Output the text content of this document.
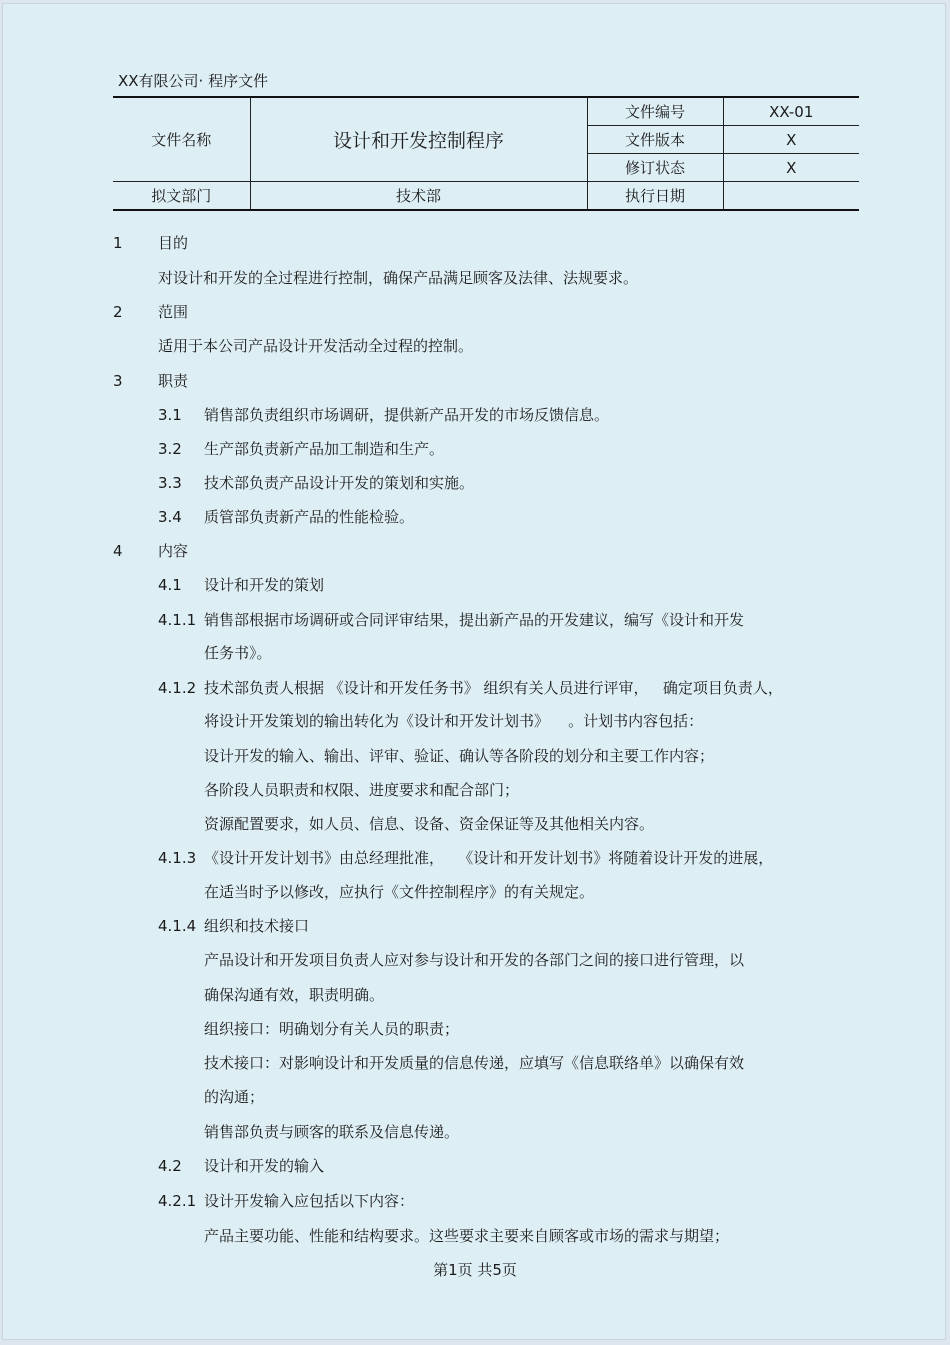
XX有限公司· 程序文件
文件名称	设计和开发控制程序	文件编号	XX-01
		文件版本	X
		修订状态	X
拟文部门	技术部	执行日期	
1 目的
对设计和开发的全过程进行控制，确保产品满足顾客及法律、法规要求。
2 范围
适用于本公司产品设计开发活动全过程的控制。
3 职责
3.1 销售部负责组织市场调研，提供新产品开发的市场反馈信息。
3.2 生产部负责新产品加工制造和生产。
3.3 技术部负责产品设计开发的策划和实施。
3.4 质管部负责新产品的性能检验。
4 内容
4.1 设计和开发的策划
4.1.1 销售部根据市场调研或合同评审结果，提出新产品的开发建议，编写《设计和开发
任务书》。
4.1.2 技术部负责人根据 《设计和开发任务书》 组织有关人员进行评审，   确定项目负责人，
将设计开发策划的输出转化为《设计和开发计划书》    。计划书内容包括：
设计开发的输入、输出、评审、验证、确认等各阶段的划分和主要工作内容；
各阶段人员职责和权限、进度要求和配合部门；
资源配置要求，如人员、信息、设备、资金保证等及其他相关内容。
4.1.3 《设计开发计划书》由总经理批准，   《设计和开发计划书》将随着设计开发的进展，
在适当时予以修改，应执行《文件控制程序》的有关规定。
4.1.4 组织和技术接口
产品设计和开发项目负责人应对参与设计和开发的各部门之间的接口进行管理，以
确保沟通有效，职责明确。
组织接口：明确划分有关人员的职责；
技术接口：对影响设计和开发质量的信息传递，应填写《信息联络单》以确保有效
的沟通；
销售部负责与顾客的联系及信息传递。
4.2 设计和开发的输入
4.2.1 设计开发输入应包括以下内容：
产品主要功能、性能和结构要求。这些要求主要来自顾客或市场的需求与期望；
第1页 共5页
